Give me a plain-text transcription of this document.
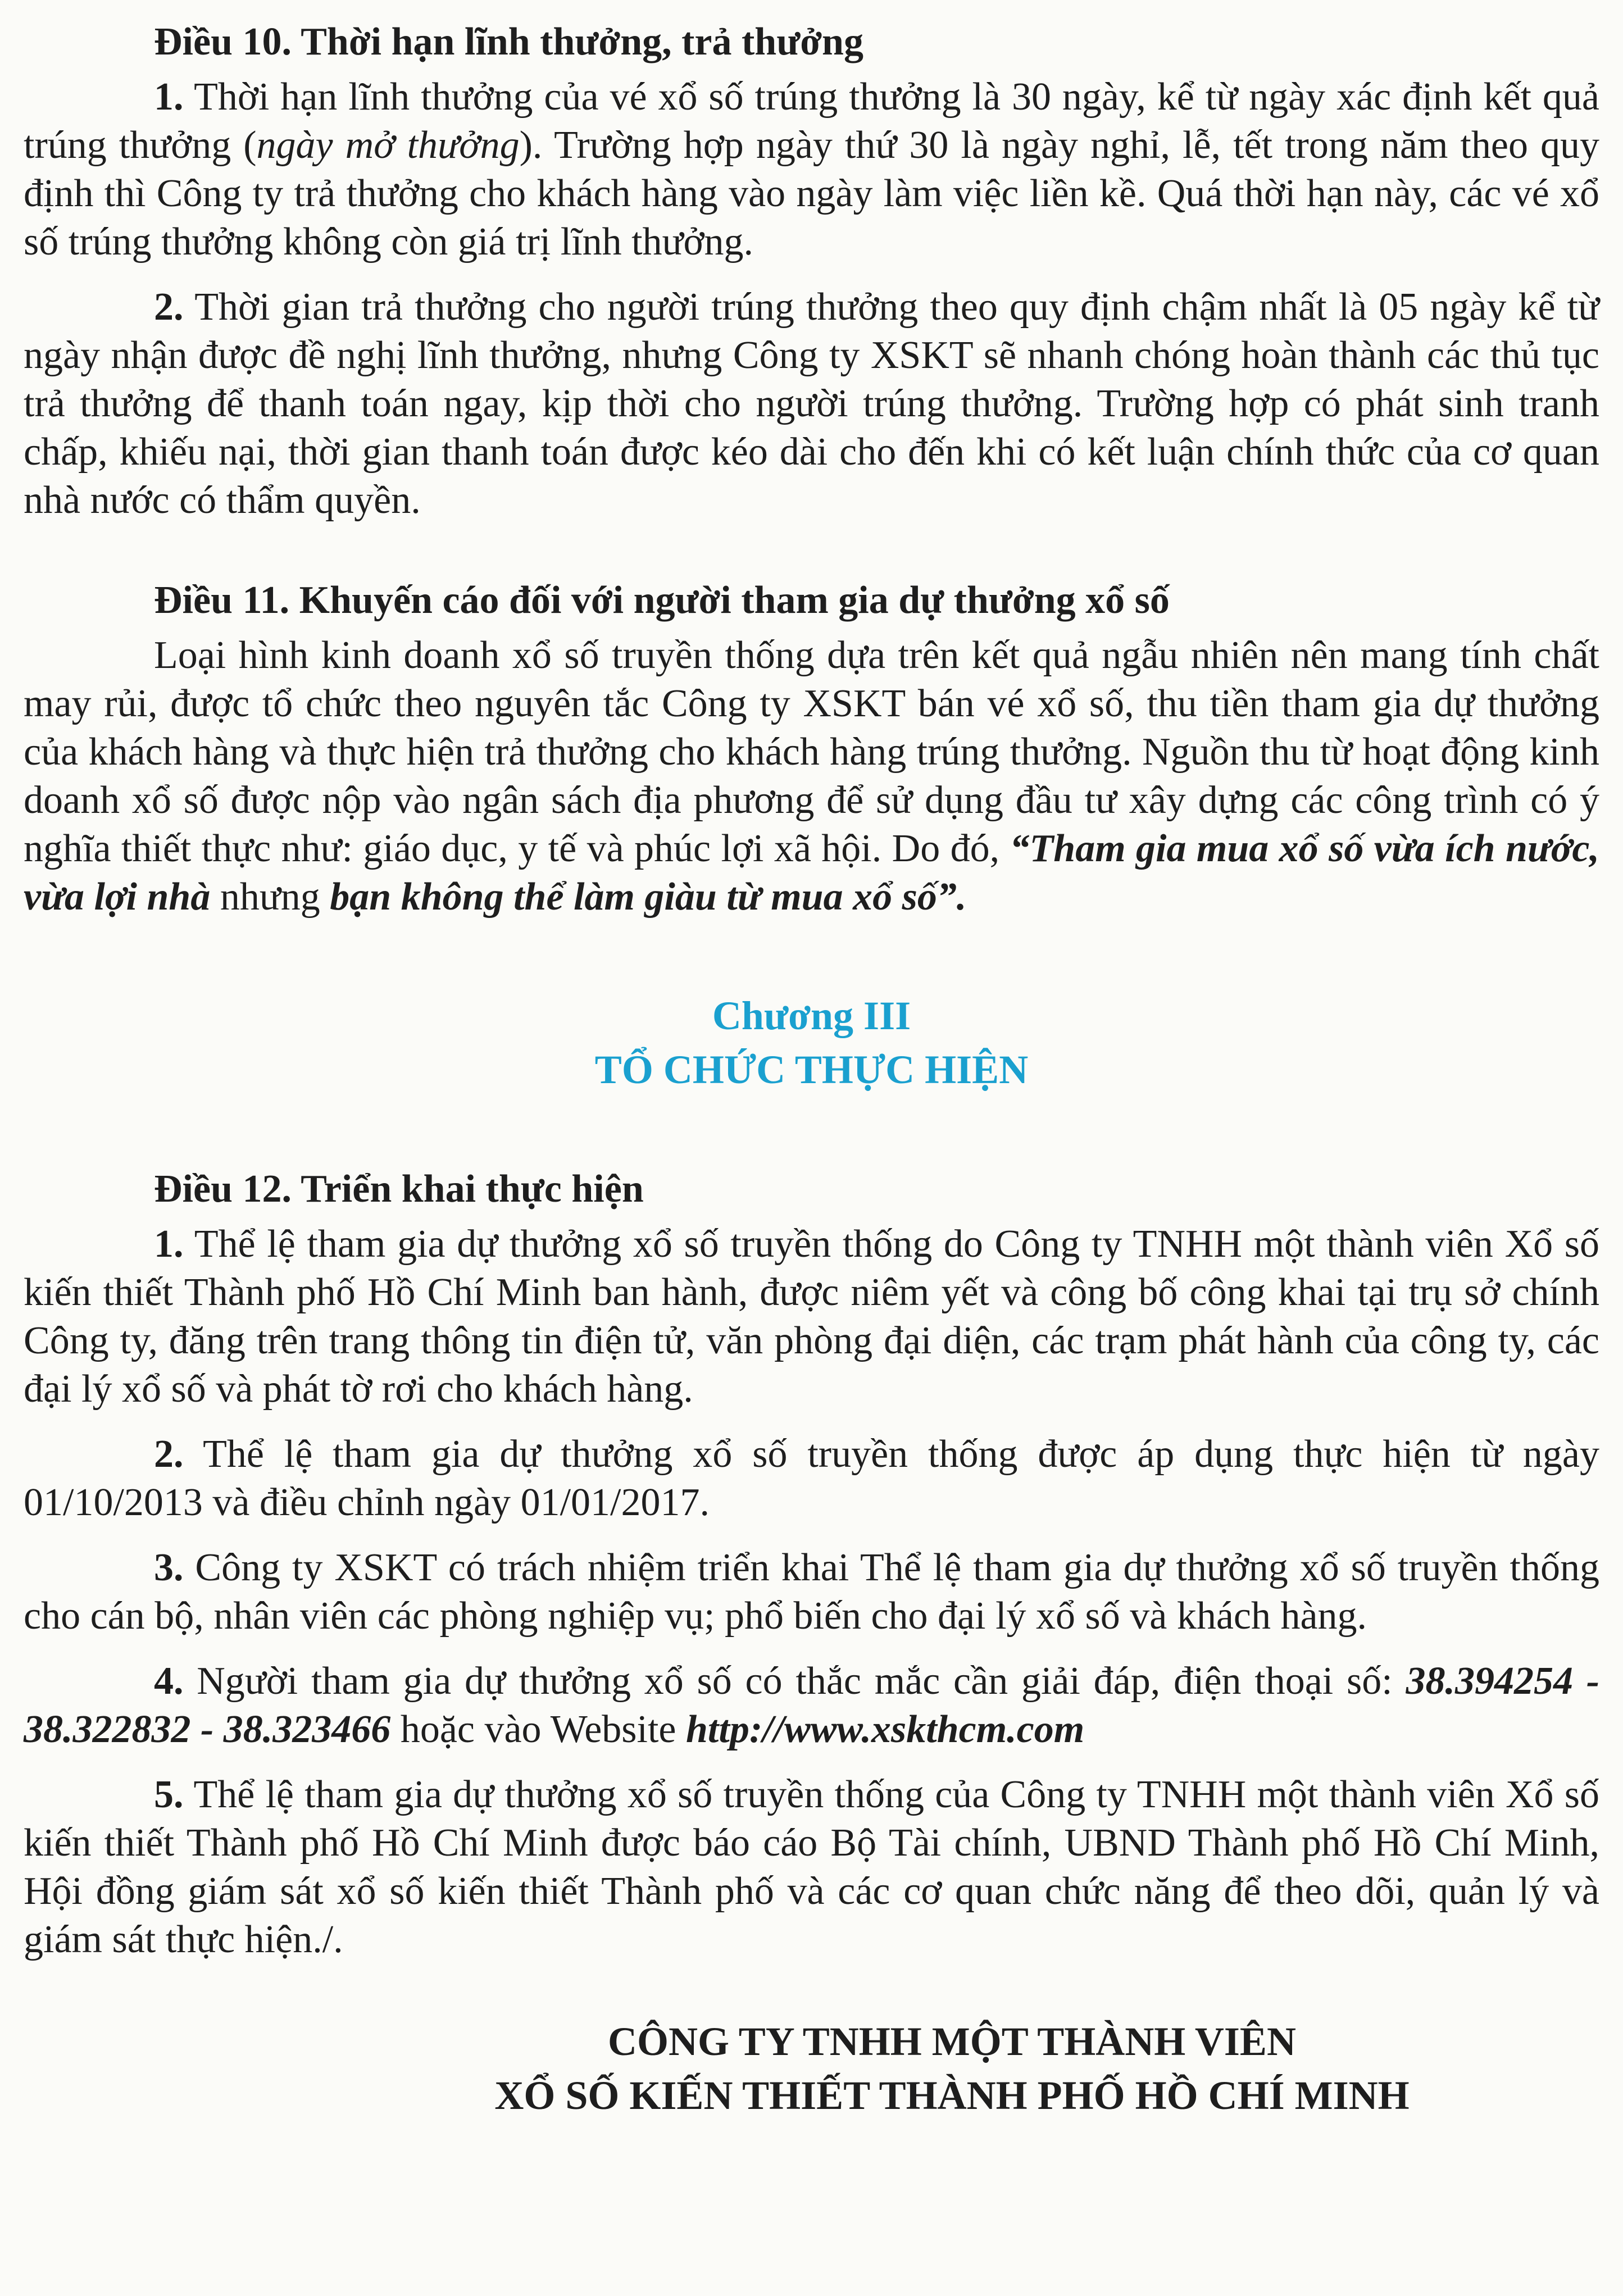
Điều 10. Thời hạn lĩnh thưởng, trả thưởng

1. Thời hạn lĩnh thưởng của vé xổ số trúng thưởng là 30 ngày, kể từ ngày xác định kết quả trúng thưởng (ngày mở thưởng). Trường hợp ngày thứ 30 là ngày nghỉ, lễ, tết trong năm theo quy định thì Công ty trả thưởng cho khách hàng vào ngày làm việc liền kề. Quá thời hạn này, các vé xổ số trúng thưởng không còn giá trị lĩnh thưởng.

2. Thời gian trả thưởng cho người trúng thưởng theo quy định chậm nhất là 05 ngày kể từ ngày nhận được đề nghị lĩnh thưởng, nhưng Công ty XSKT sẽ nhanh chóng hoàn thành các thủ tục trả thưởng để thanh toán ngay, kịp thời cho người trúng thưởng. Trường hợp có phát sinh tranh chấp, khiếu nại, thời gian thanh toán được kéo dài cho đến khi có kết luận chính thức của cơ quan nhà nước có thẩm quyền.

Điều 11. Khuyến cáo đối với người tham gia dự thưởng xổ số

Loại hình kinh doanh xổ số truyền thống dựa trên kết quả ngẫu nhiên nên mang tính chất may rủi, được tổ chức theo nguyên tắc Công ty XSKT bán vé xổ số, thu tiền tham gia dự thưởng của khách hàng và thực hiện trả thưởng cho khách hàng trúng thưởng. Nguồn thu từ hoạt động kinh doanh xổ số được nộp vào ngân sách địa phương để sử dụng đầu tư xây dựng các công trình có ý nghĩa thiết thực như: giáo dục, y tế và phúc lợi xã hội. Do đó, “Tham gia mua xổ số vừa ích nước, vừa lợi nhà nhưng bạn không thể làm giàu từ mua xổ số”.

Chương III
TỔ CHỨC THỰC HIỆN
Điều 12. Triển khai thực hiện

1. Thể lệ tham gia dự thưởng xổ số truyền thống do Công ty TNHH một thành viên Xổ số kiến thiết Thành phố Hồ Chí Minh ban hành, được niêm yết và công bố công khai tại trụ sở chính Công ty, đăng trên trang thông tin điện tử, văn phòng đại diện, các trạm phát hành của công ty, các đại lý xổ số và phát tờ rơi cho khách hàng.

2. Thể lệ tham gia dự thưởng xổ số truyền thống được áp dụng thực hiện từ ngày 01/10/2013 và điều chỉnh ngày 01/01/2017.

3. Công ty XSKT có trách nhiệm triển khai Thể lệ tham gia dự thưởng xổ số truyền thống cho cán bộ, nhân viên các phòng nghiệp vụ; phổ biến cho đại lý xổ số và khách hàng.

4. Người tham gia dự thưởng xổ số có thắc mắc cần giải đáp, điện thoại số: 38.394254 - 38.322832 - 38.323466 hoặc vào Website http://www.xskthcm.com

5. Thể lệ tham gia dự thưởng xổ số truyền thống của Công ty TNHH một thành viên Xổ số kiến thiết Thành phố Hồ Chí Minh được báo cáo Bộ Tài chính, UBND Thành phố Hồ Chí Minh, Hội đồng giám sát xổ số kiến thiết Thành phố và các cơ quan chức năng để theo dõi, quản lý và giám sát thực hiện./.

CÔNG TY TNHH MỘT THÀNH VIÊN
XỔ SỐ KIẾN THIẾT THÀNH PHỐ HỒ CHÍ MINH
